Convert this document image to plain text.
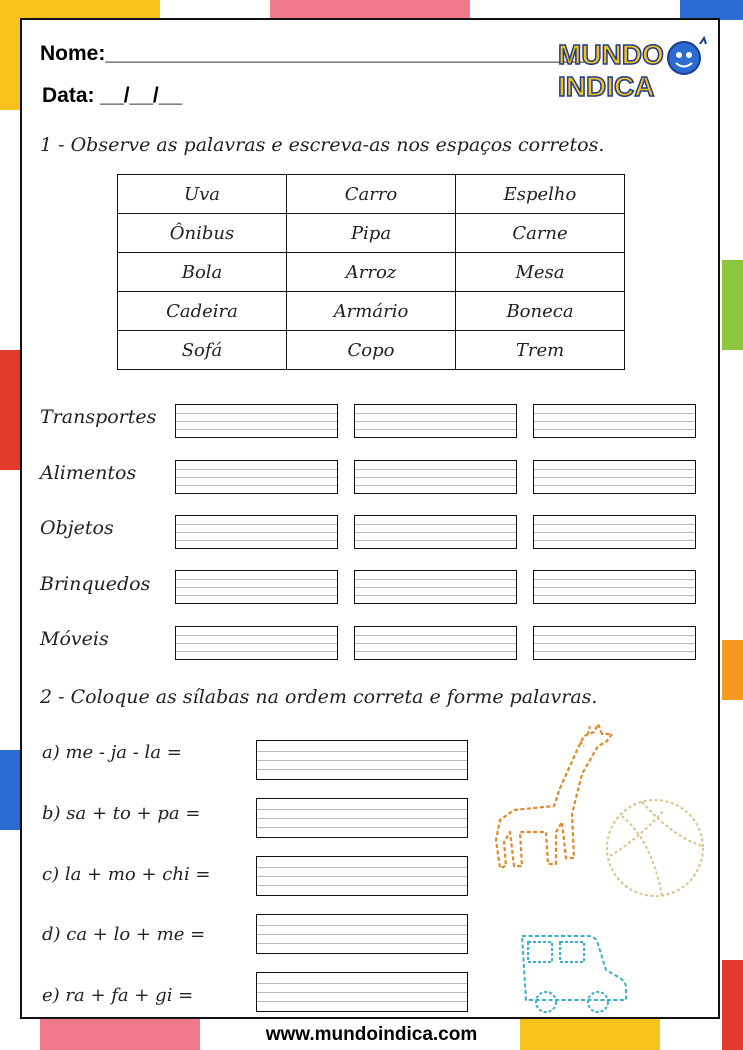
Nome:_________________________________________
Data: __/__/__
MUNDO
INDICA
1 - Observe as palavras e escreva-as nos espaços corretos.
Uva	Carro	Espelho
Ônibus	Pipa	Carne
Bola	Arroz	Mesa
Cadeira	Armário	Boneca
Sofá	Copo	Trem
Transportes
Alimentos
Objetos
Brinquedos
Móveis
2 - Coloque as sílabas na ordem correta e forme palavras.
a) me - ja - la =
b) sa + to + pa =
c) la + mo + chi =
d) ca + lo + me =
e) ra + fa + gi =
www.mundoindica.com
